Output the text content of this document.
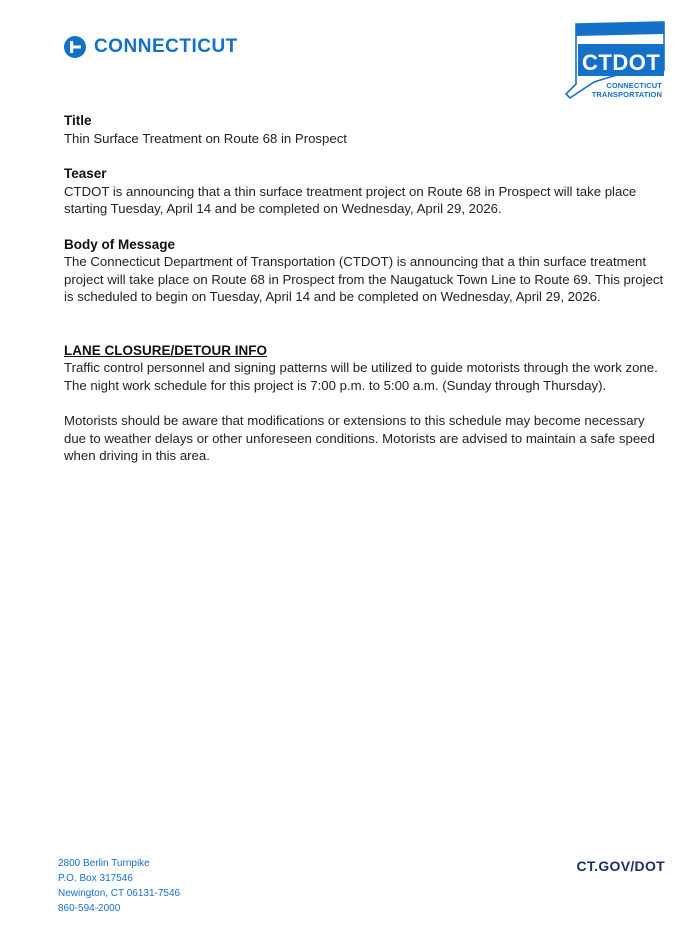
CONNECTICUT
CTDOT
CONNECTICUT
TRANSPORTATION

Title

Thin Surface Treatment on Route 68 in Prospect

Teaser

CTDOT is announcing that a thin surface treatment project on Route 68 in Prospect will take place starting Tuesday, April 14 and be completed on Wednesday, April 29, 2026.

Body of Message

The Connecticut Department of Transportation (CTDOT) is announcing that a thin surface treatment project will take place on Route 68 in Prospect from the Naugatuck Town Line to Route 69. This project is scheduled to begin on Tuesday, April 14 and be completed on Wednesday, April 29, 2026.

LANE CLOSURE/DETOUR INFO

Traffic control personnel and signing patterns will be utilized to guide motorists through the work zone. The night work schedule for this project is 7:00 p.m. to 5:00 a.m. (Sunday through Thursday).

Motorists should be aware that modifications or extensions to this schedule may become necessary due to weather delays or other unforeseen conditions. Motorists are advised to maintain a safe speed when driving in this area.

2800 Berlin Turnpike
P.O. Box 317546
Newington, CT 06131-7546
860-594-2000
CT.GOV/DOT
